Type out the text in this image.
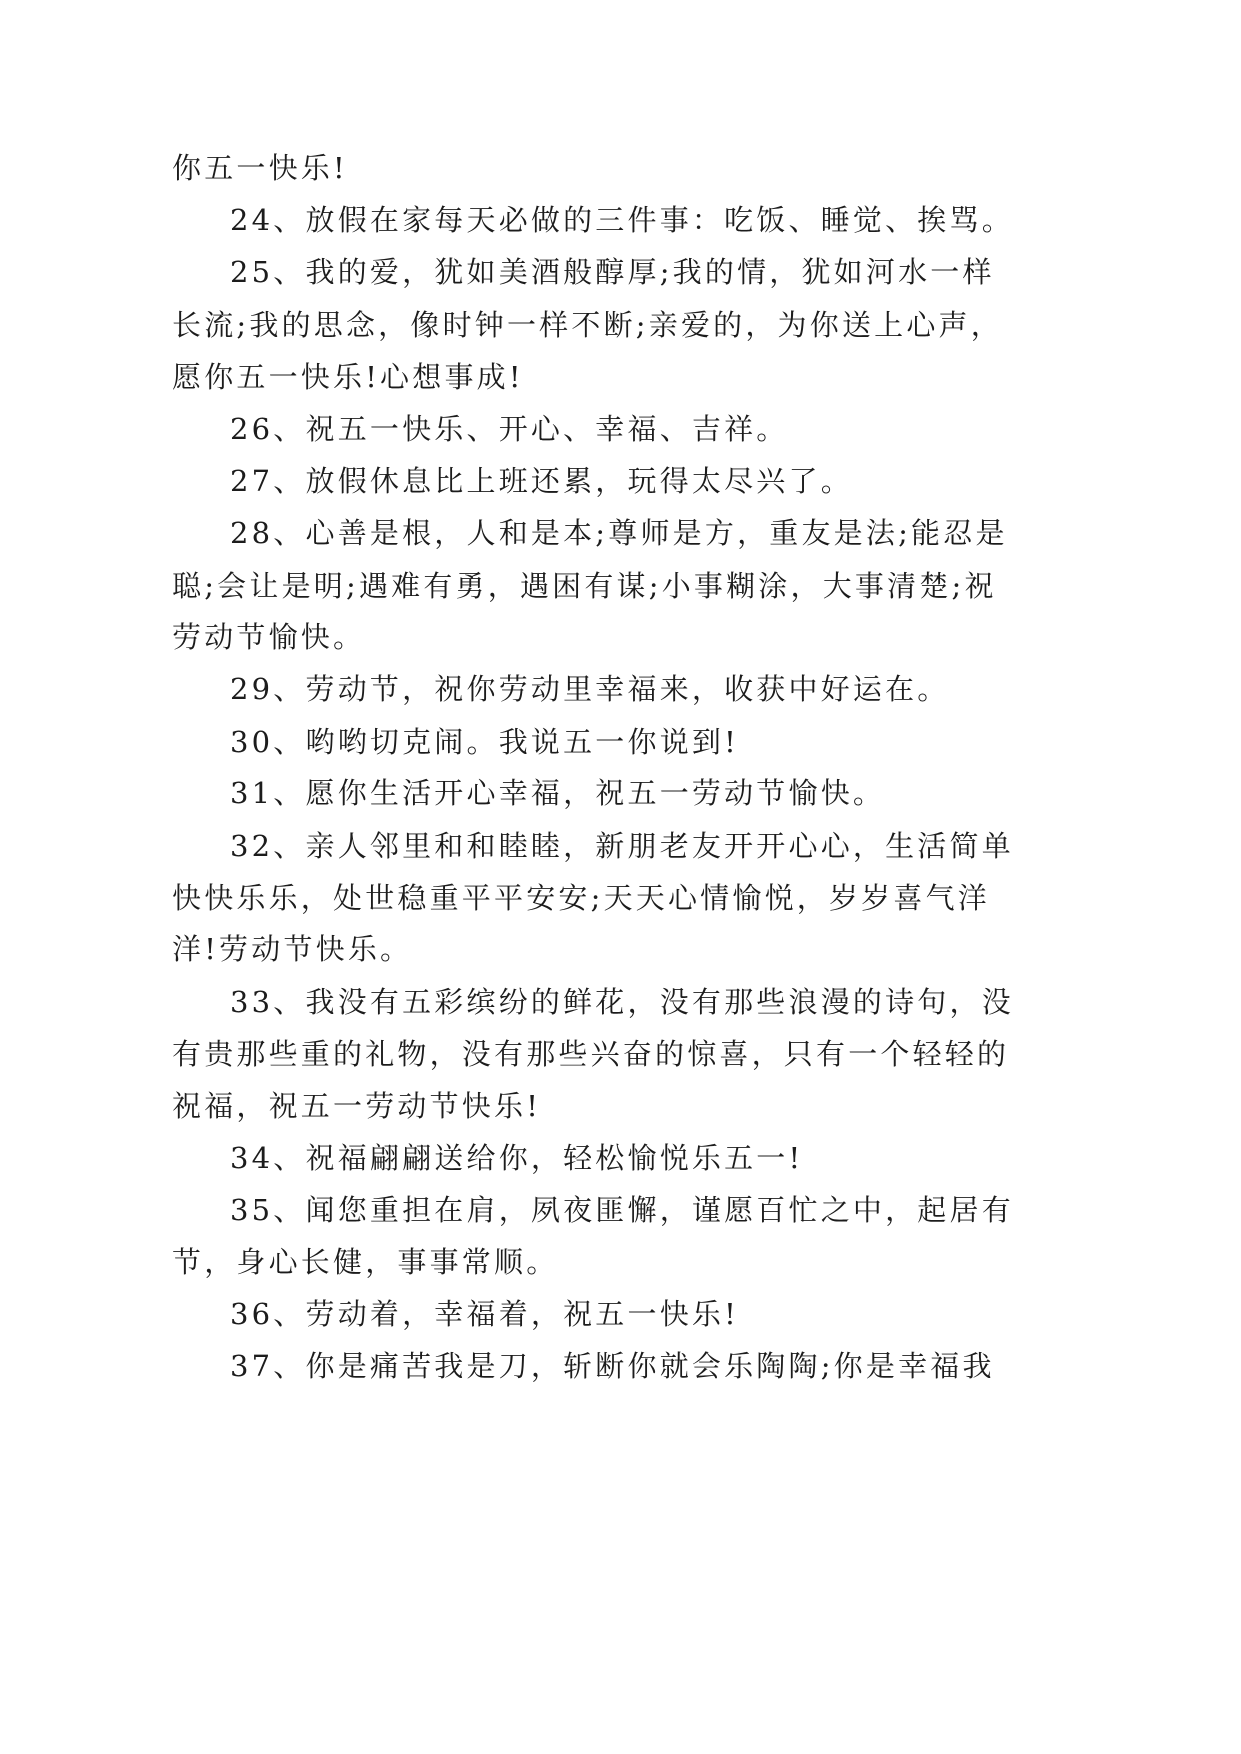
你五一快乐!
24、放假在家每天必做的三件事：吃饭、睡觉、挨骂。
25、我的爱，犹如美酒般醇厚;我的情，犹如河水一样
长流;我的思念，像时钟一样不断;亲爱的，为你送上心声，
愿你五一快乐!心想事成!
26、祝五一快乐、开心、幸福、吉祥。
27、放假休息比上班还累，玩得太尽兴了。
28、心善是根，人和是本;尊师是方，重友是法;能忍是
聪;会让是明;遇难有勇，遇困有谋;小事糊涂，大事清楚;祝
劳动节愉快。
29、劳动节，祝你劳动里幸福来，收获中好运在。
30、哟哟切克闹。我说五一你说到!
31、愿你生活开心幸福，祝五一劳动节愉快。
32、亲人邻里和和睦睦，新朋老友开开心心，生活简单
快快乐乐，处世稳重平平安安;天天心情愉悦，岁岁喜气洋
洋!劳动节快乐。
33、我没有五彩缤纷的鲜花，没有那些浪漫的诗句，没
有贵那些重的礼物，没有那些兴奋的惊喜，只有一个轻轻的
祝福，祝五一劳动节快乐!
34、祝福翩翩送给你，轻松愉悦乐五一!
35、闻您重担在肩，夙夜匪懈，谨愿百忙之中，起居有
节，身心长健，事事常顺。
36、劳动着，幸福着，祝五一快乐!
37、你是痛苦我是刀，斩断你就会乐陶陶;你是幸福我
